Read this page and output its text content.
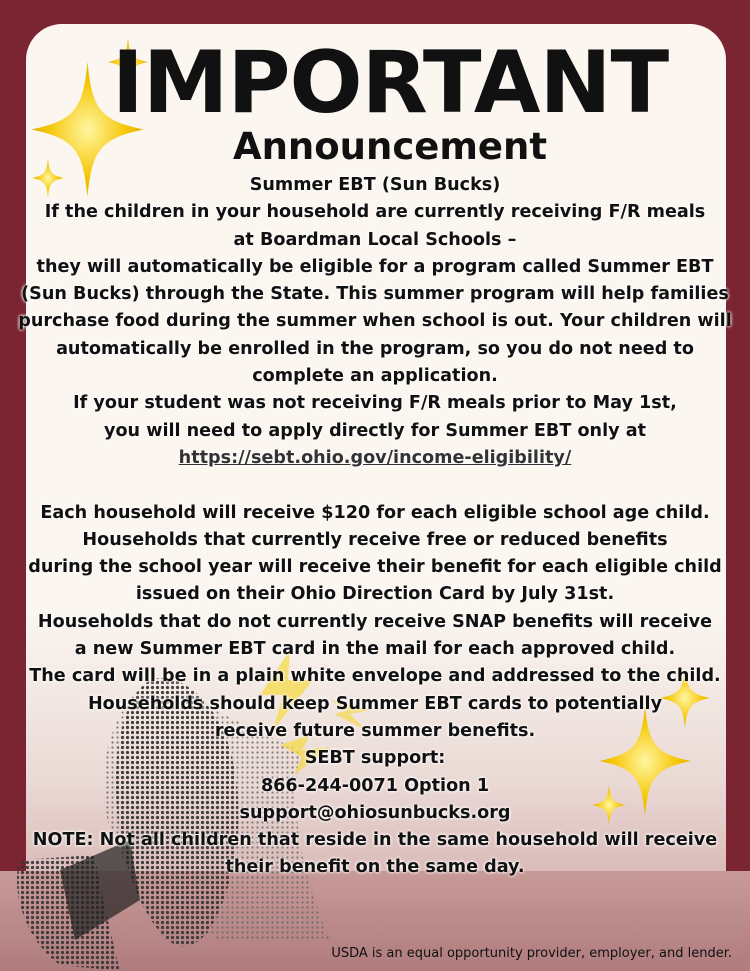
IMPORTANT
Announcement
Summer EBT (Sun Bucks)
If the children in your household are currently receiving F/R meals
at Boardman Local Schools –
they will automatically be eligible for a program called Summer EBT
(Sun Bucks) through the State. This summer program will help families
purchase food during the summer when school is out. Your children will
automatically be enrolled in the program, so you do not need to
complete an application.
If your student was not receiving F/R meals prior to May 1st,
you will need to apply directly for Summer EBT only at
https://sebt.ohio.gov/income-eligibility/
Each household will receive $120 for each eligible school age child.
Households that currently receive free or reduced benefits
during the school year will receive their benefit for each eligible child
issued on their Ohio Direction Card by July 31st.
Households that do not currently receive SNAP benefits will receive
a new Summer EBT card in the mail for each approved child.
The card will be in a plain white envelope and addressed to the child.
Households should keep Summer EBT cards to potentially
receive future summer benefits.
SEBT support:
866-244-0071 Option 1
support@ohiosunbucks.org
NOTE: Not all children that reside in the same household will receive
their benefit on the same day.
USDA is an equal opportunity provider, employer, and lender.
